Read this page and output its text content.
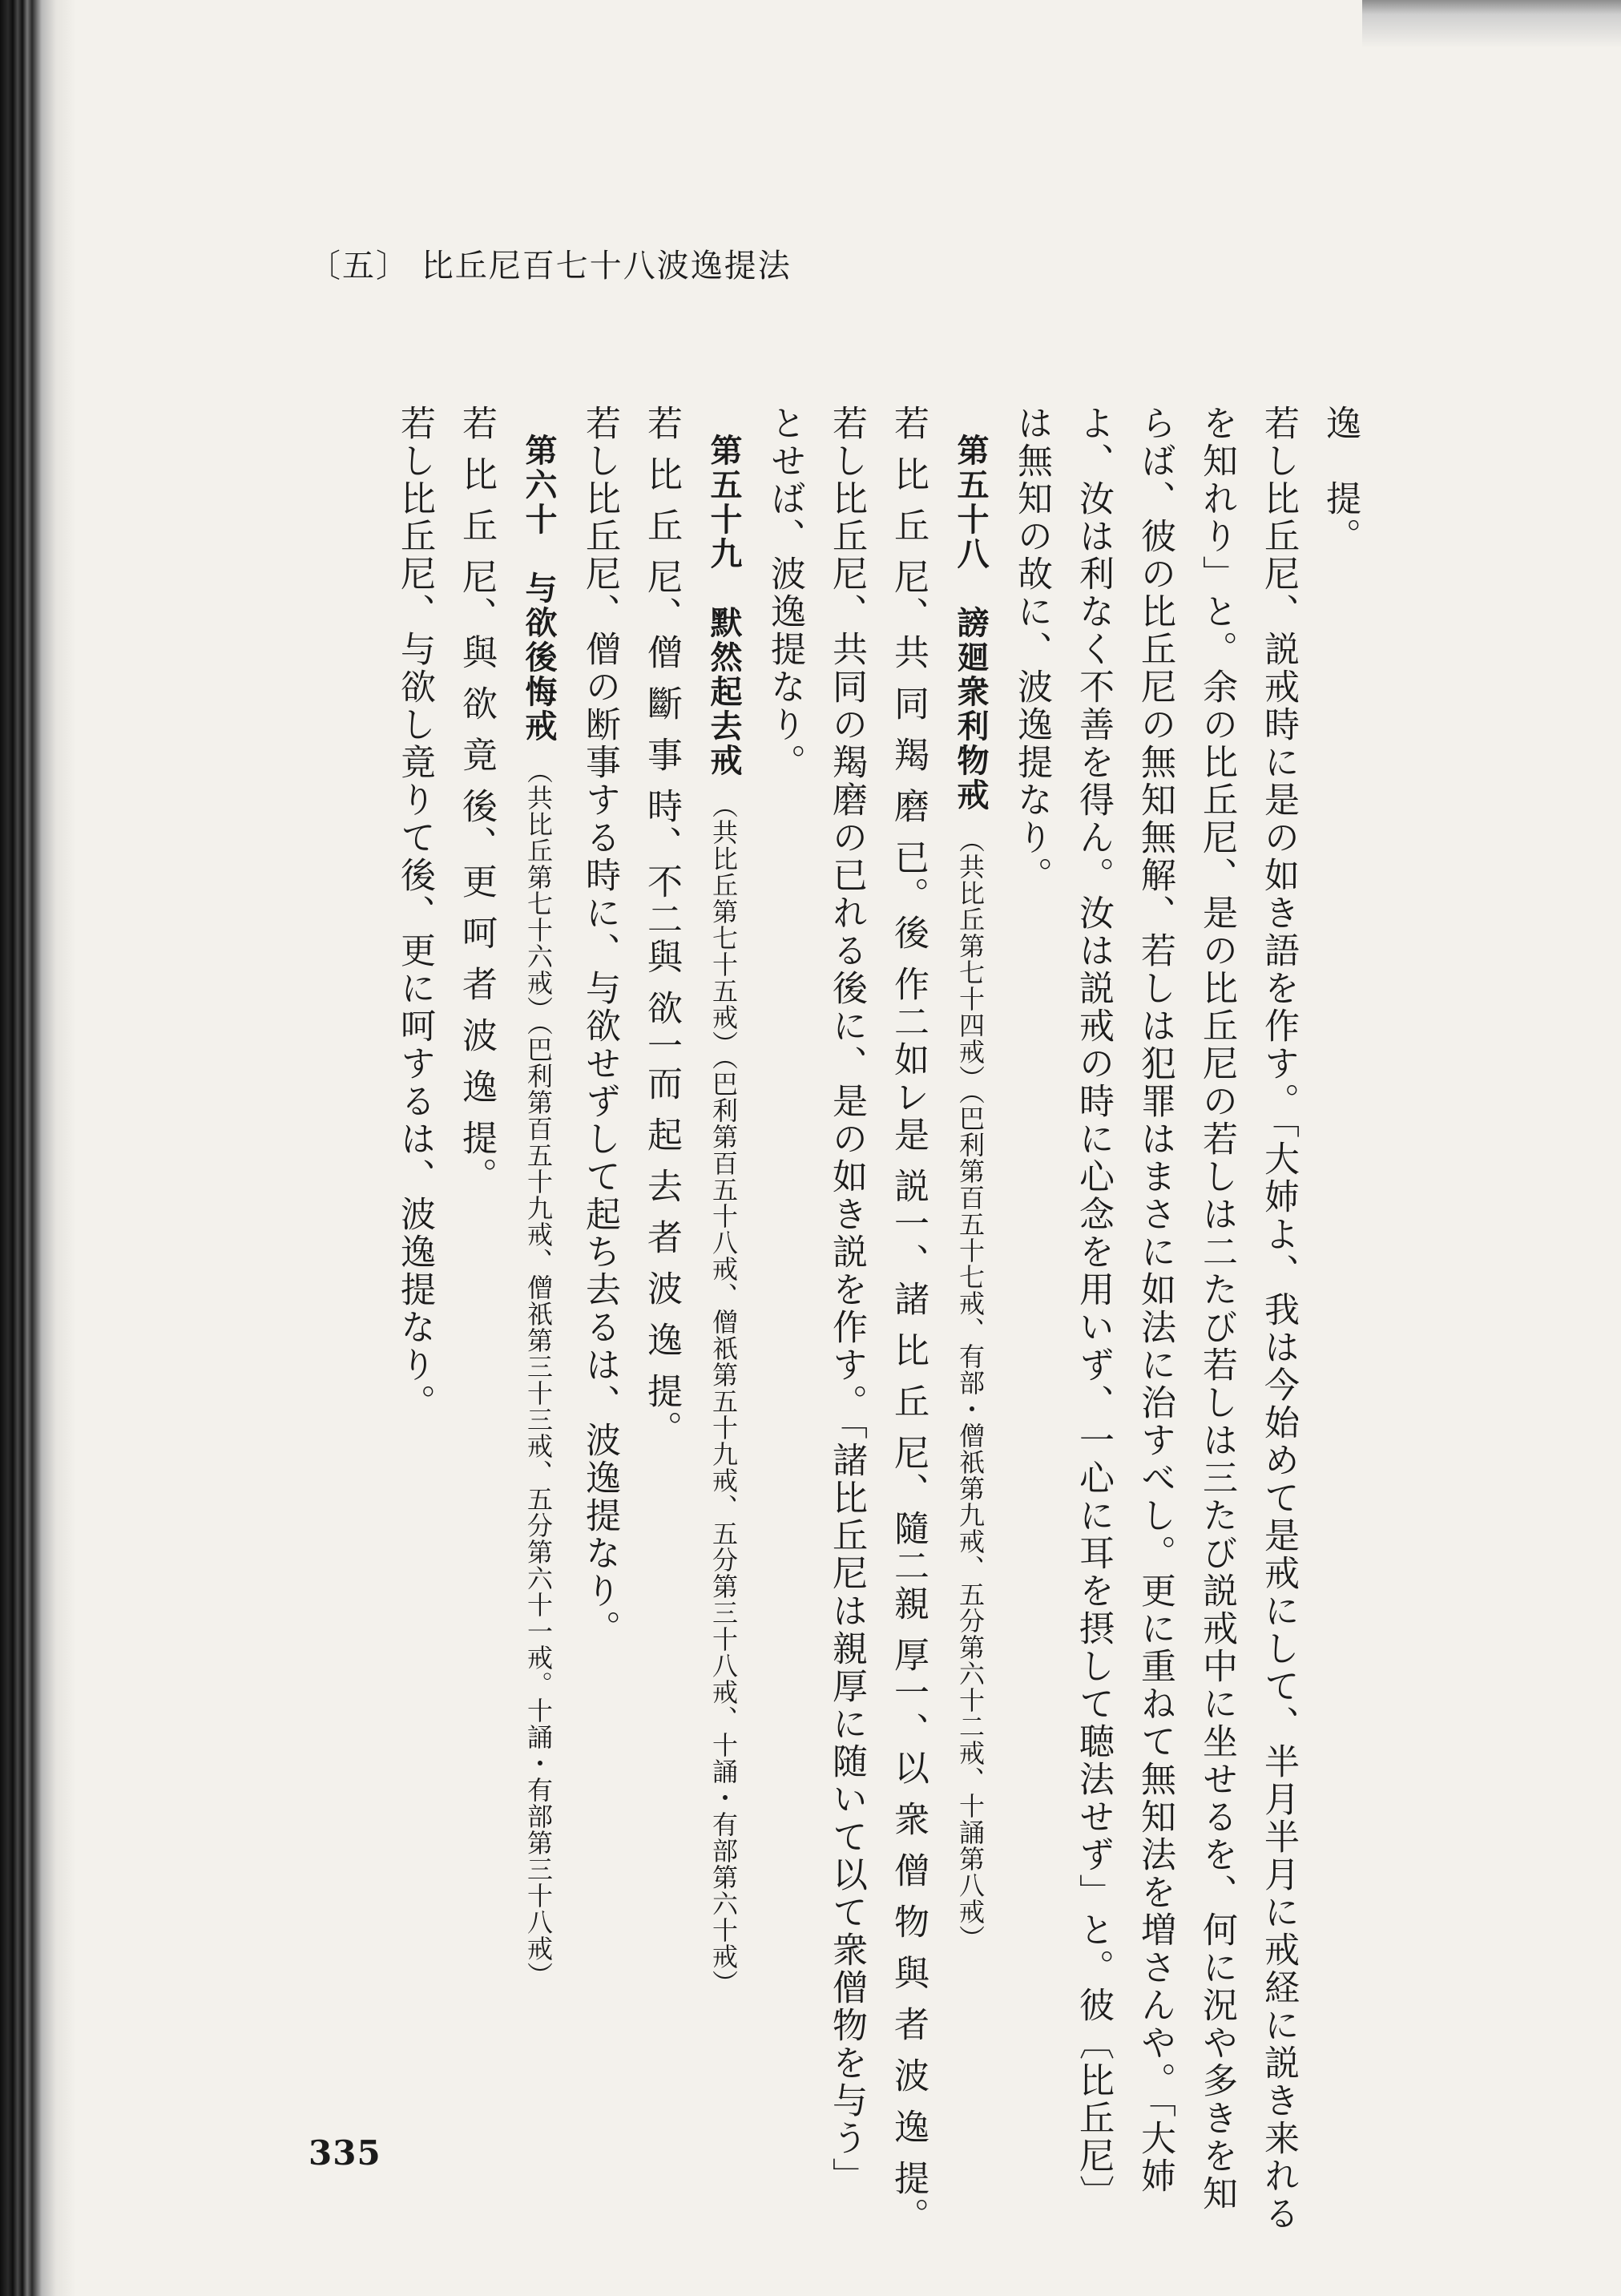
〔五〕 比丘尼百七十八波逸提法
逸　提。
若し比丘尼、説戒時に是の如き語を作す。「大姉よ、我は今始めて是戒にして、半月半月に戒経に説き来れる
を知れり」と。余の比丘尼、是の比丘尼の若しは二たび若しは三たび説戒中に坐せるを、何に況や多きを知
らば、彼の比丘尼の無知無解、若しは犯罪はまさに如法に治すべし。更に重ねて無知法を増さんや。「大姉
よ、汝は利なく不善を得ん。汝は説戒の時に心念を用いず、一心に耳を摂して聴法せず」と。彼〔比丘尼〕
は無知の故に、波逸提なり。
第五十八　謗廻衆利物戒（共比丘第七十四戒）（巴利第百五十七戒、有部・僧祇第九戒、五分第六十二戒、十誦第八戒）
若 比 丘 尼、共 同 羯 磨 已。後 作二如レ是 説一、諸 比 丘 尼、隨二親 厚一、以 衆 僧 物 與 者 波 逸 提。
若し比丘尼、共同の羯磨の已れる後に、是の如き説を作す。「諸比丘尼は親厚に随いて以て衆僧物を与う」
とせば、波逸提なり。
第五十九　默然起去戒（共比丘第七十五戒）（巴利第百五十八戒、僧祇第五十九戒、五分第三十八戒、十誦・有部第六十戒）
若 比 丘 尼、僧 斷 事 時、不二與 欲一而 起 去 者 波 逸 提。
若し比丘尼、僧の断事する時に、与欲せずして起ち去るは、波逸提なり。
第六十　与欲後悔戒（共比丘第七十六戒）（巴利第百五十九戒、僧祇第三十三戒、五分第六十一戒。十誦・有部第三十八戒）
若 比 丘 尼、與 欲 竟 後、更 呵 者 波 逸 提。
若し比丘尼、与欲し竟りて後、更に呵するは、波逸提なり。
335
